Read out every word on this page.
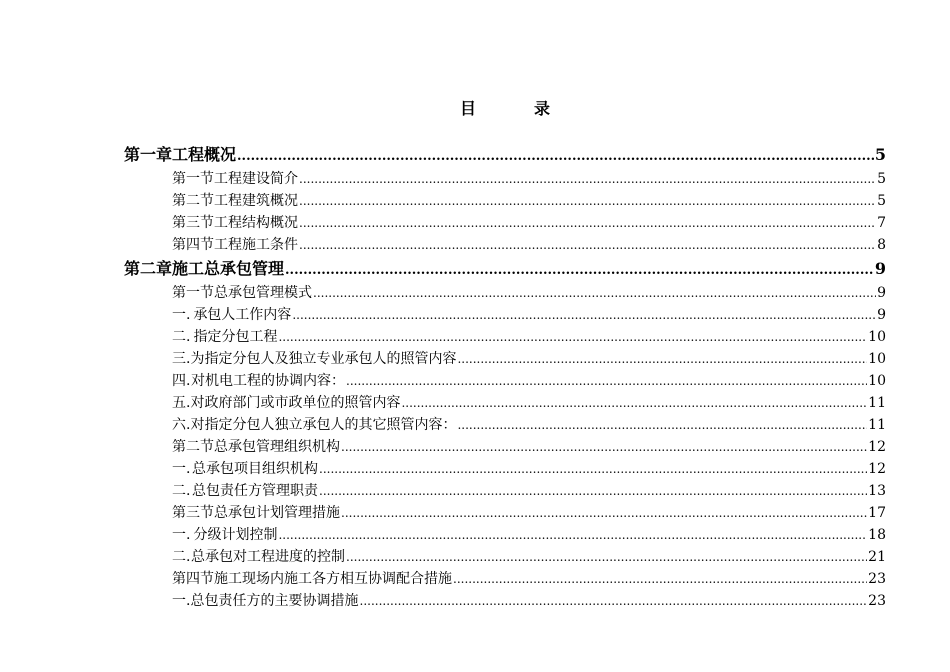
目	录
第一章 工程概况 .....	5
第一节 工程建设简介 .....	5
第二节 工程建筑概况 .....	5
第三节 工程结构概况 .....	7
第四节 工程施工条件 .....	8
第二章 施工总承包管理 .....	9
第一节 总承包管理模式 .....	9
一. 承包人工作内容 .....	9
二. 指定分包工程 .....	10
三. 为指定分包人及独立专业承包人的照管内容 .....	10
四. 对机电工程的协调内容： .....	10
五. 对政府部门或市政单位的照管内容 .....	11
六. 对指定分包人独立承包人的其它照管内容： .....	11
第二节 总承包管理组织机构 .....	12
一. 总承包项目组织机构 .....	12
二. 总包责任方管理职责 .....	13
第三节 总承包计划管理措施 .....	17
一. 分级计划控制 .....	18
二. 总承包对工程进度的控制 .....	21
第四节 施工现场内施工各方相互协调配合措施 .....	23
一. 总包责任方的主要协调措施 .....	23
